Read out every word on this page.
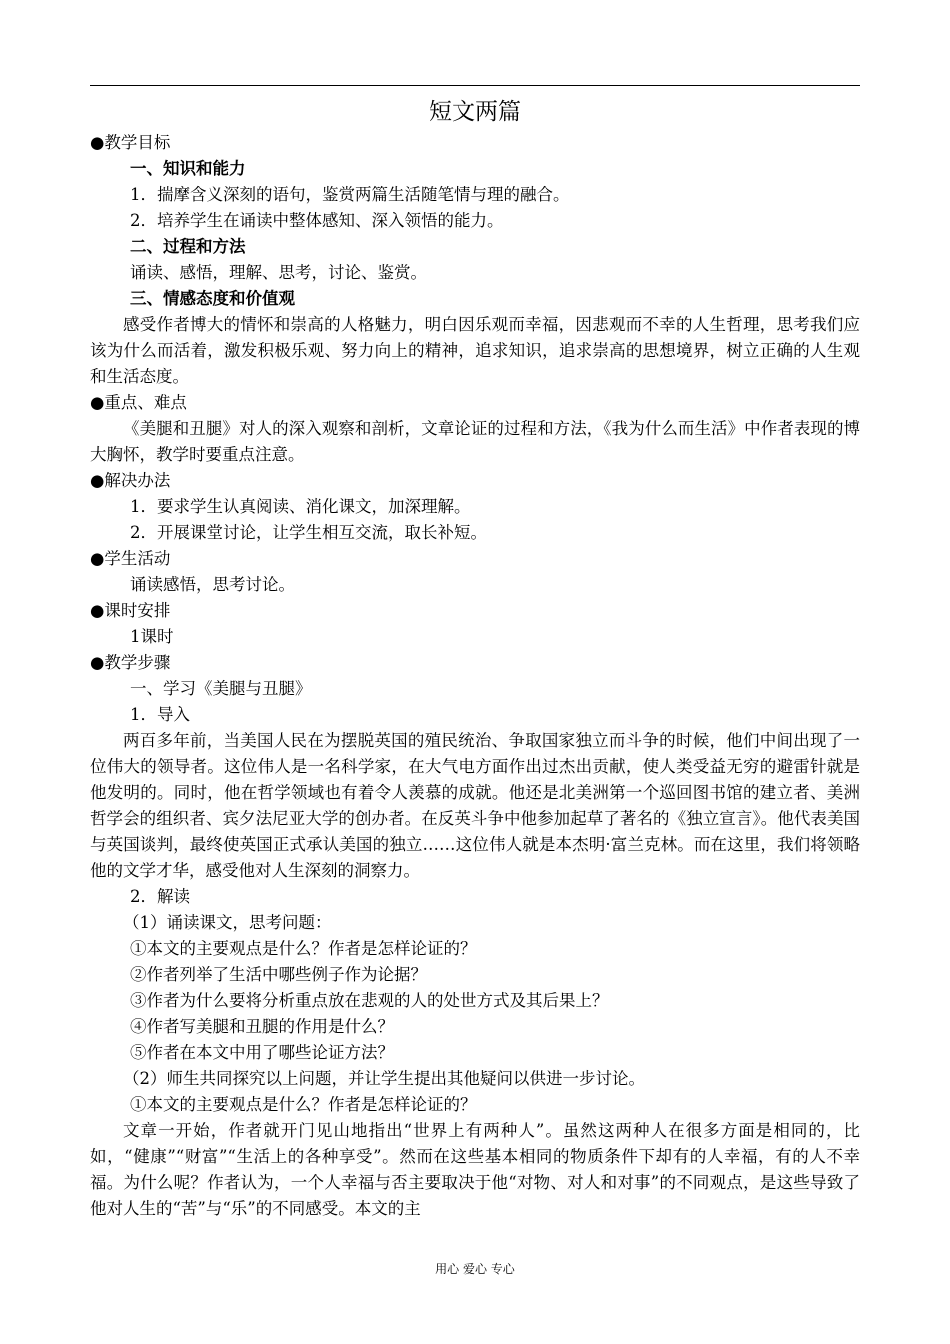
短文两篇
● 教学目标
一、知识和能力
1．揣摩含义深刻的语句，鉴赏两篇生活随笔情与理的融合。
2．培养学生在诵读中整体感知、深入领悟的能力。
二、过程和方法
诵读、感悟，理解、思考，讨论、鉴赏。
三、情感态度和价值观
感受作者博大的情怀和崇高的人格魅力，明白因乐观而幸福，因悲观而不幸的人生哲理，思考我们应该为什么而活着，激发积极乐观、努力向上的精神，追求知识，追求崇高的思想境界，树立正确的人生观和生活态度。
● 重点、难点
《美腿和丑腿》对人的深入观察和剖析，文章论证的过程和方法，《我为什么而生活》中作者表现的博大胸怀，教学时要重点注意。
● 解决办法
1．要求学生认真阅读、消化课文，加深理解。
2．开展课堂讨论，让学生相互交流，取长补短。
● 学生活动
诵读感悟，思考讨论。
● 课时安排
1课时
● 教学步骤
一、学习《美腿与丑腿》
1．导入
两百多年前，当美国人民在为摆脱英国的殖民统治、争取国家独立而斗争的时候，他们中间出现了一位伟大的领导者。这位伟人是一名科学家，在大气电方面作出过杰出贡献，使人类受益无穷的避雷针就是他发明的。同时，他在哲学领域也有着令人羡慕的成就。他还是北美洲第一个巡回图书馆的建立者、美洲哲学会的组织者、宾夕法尼亚大学的创办者。在反英斗争中他参加起草了著名的《独立宣言》。他代表美国与英国谈判，最终使英国正式承认美国的独立……这位伟人就是本杰明·富兰克林。而在这里，我们将领略他的文学才华，感受他对人生深刻的洞察力。
2．解读
（1）诵读课文，思考问题：
①本文的主要观点是什么？作者是怎样论证的？
②作者列举了生活中哪些例子作为论据？
③作者为什么要将分析重点放在悲观的人的处世方式及其后果上？
④作者写美腿和丑腿的作用是什么？
⑤作者在本文中用了哪些论证方法？
（2）师生共同探究以上问题，并让学生提出其他疑问以供进一步讨论。
①本文的主要观点是什么？作者是怎样论证的？
文章一开始，作者就开门见山地指出“世界上有两种人”。虽然这两种人在很多方面是相同的，比如，“健康”“财富”“生活上的各种享受”。然而在这些基本相同的物质条件下却有的人幸福，有的人不幸福。为什么呢？作者认为，一个人幸福与否主要取决于他“对物、对人和对事”的不同观点，是这些导致了他对人生的“苦”与“乐”的不同感受。本文的主
用心 爱心 专心
